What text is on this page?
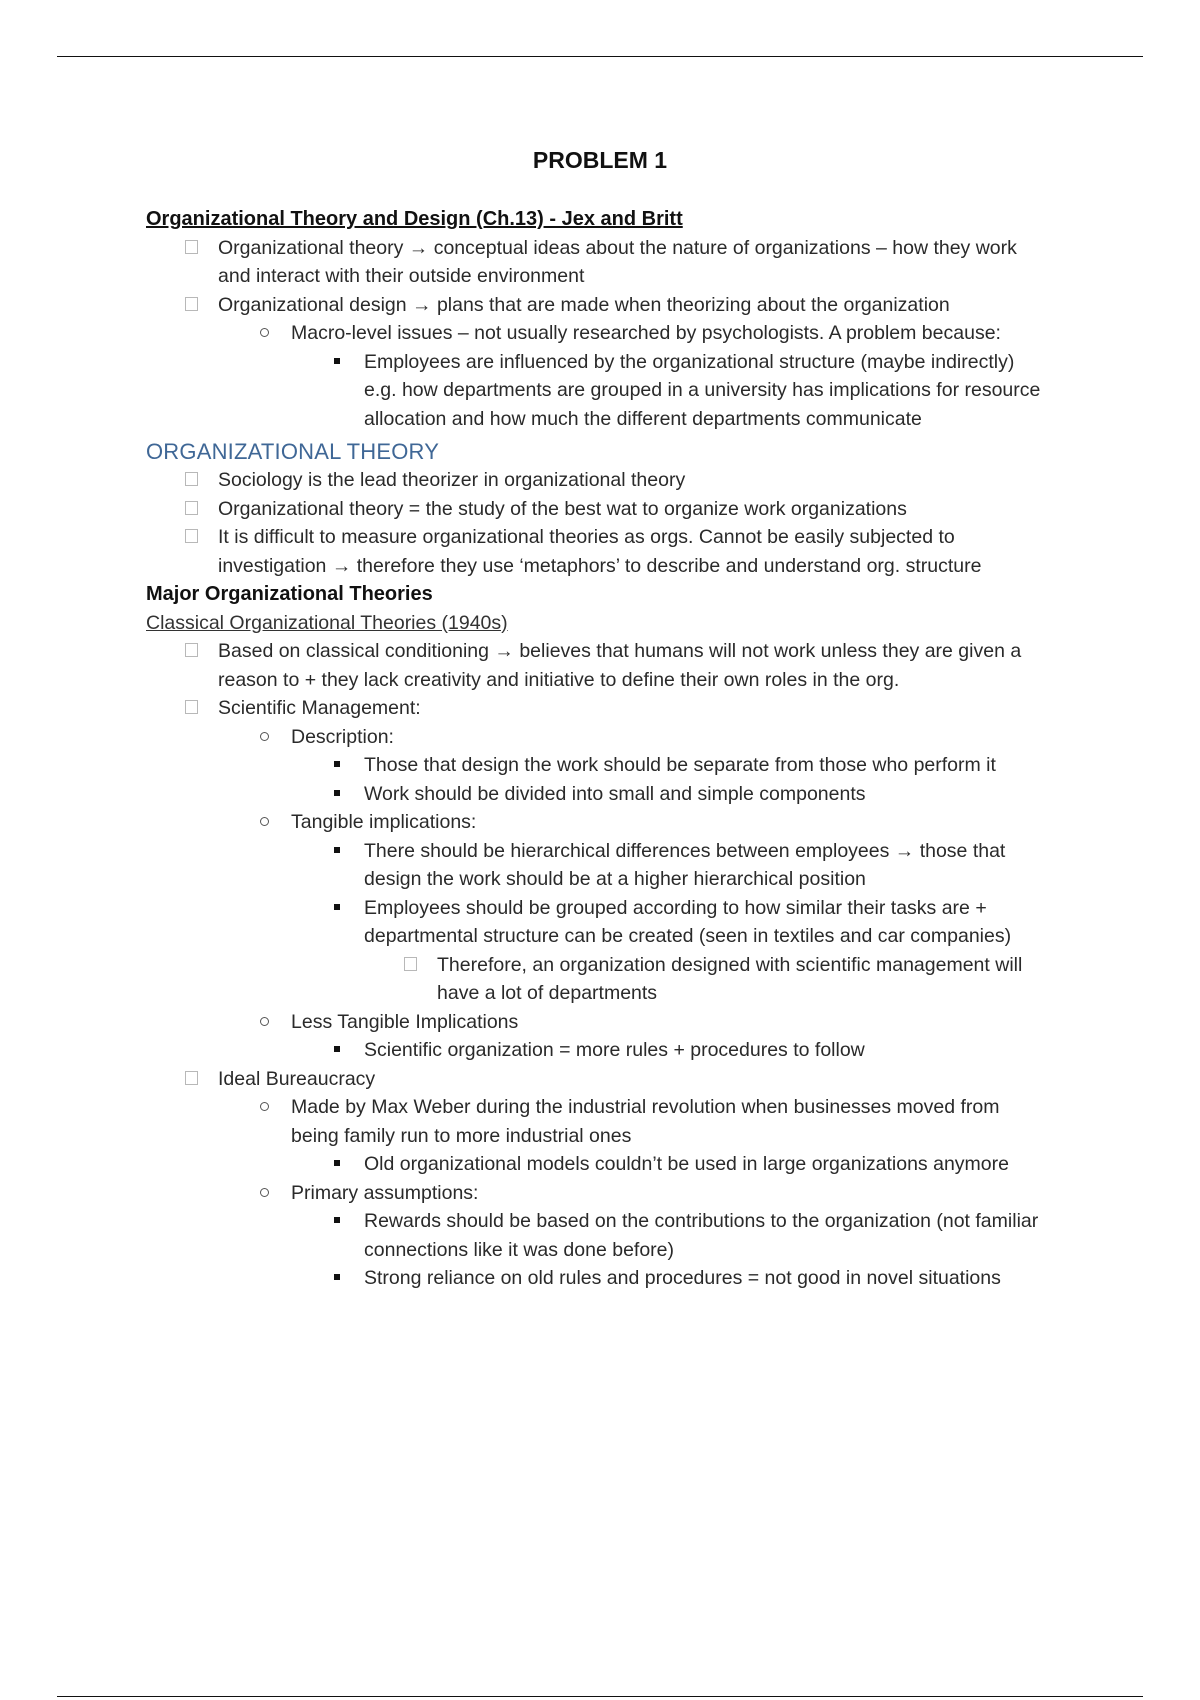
PROBLEM 1
Organizational Theory and Design (Ch.13) - Jex and Britt
Organizational theory → conceptual ideas about the nature of organizations – how they work and interact with their outside environment
Organizational design → plans that are made when theorizing about the organization
Macro-level issues – not usually researched by psychologists. A problem because:
Employees are influenced by the organizational structure (maybe indirectly) e.g. how departments are grouped in a university has implications for resource allocation and how much the different departments communicate
ORGANIZATIONAL THEORY
Sociology is the lead theorizer in organizational theory
Organizational theory = the study of the best wat to organize work organizations
It is difficult to measure organizational theories as orgs. Cannot be easily subjected to investigation → therefore they use ‘metaphors’ to describe and understand org. structure
Major Organizational Theories
Classical Organizational Theories (1940s)
Based on classical conditioning → believes that humans will not work unless they are given a reason to + they lack creativity and initiative to define their own roles in the org.
Scientific Management:
Description:
Those that design the work should be separate from those who perform it
Work should be divided into small and simple components
Tangible implications:
There should be hierarchical differences between employees → those that design the work should be at a higher hierarchical position
Employees should be grouped according to how similar their tasks are + departmental structure can be created (seen in textiles and car companies)
Therefore, an organization designed with scientific management will have a lot of departments
Less Tangible Implications
Scientific organization = more rules + procedures to follow
Ideal Bureaucracy
Made by Max Weber during the industrial revolution when businesses moved from being family run to more industrial ones
Old organizational models couldn’t be used in large organizations anymore
Primary assumptions:
Rewards should be based on the contributions to the organization (not familiar connections like it was done before)
Strong reliance on old rules and procedures = not good in novel situations
